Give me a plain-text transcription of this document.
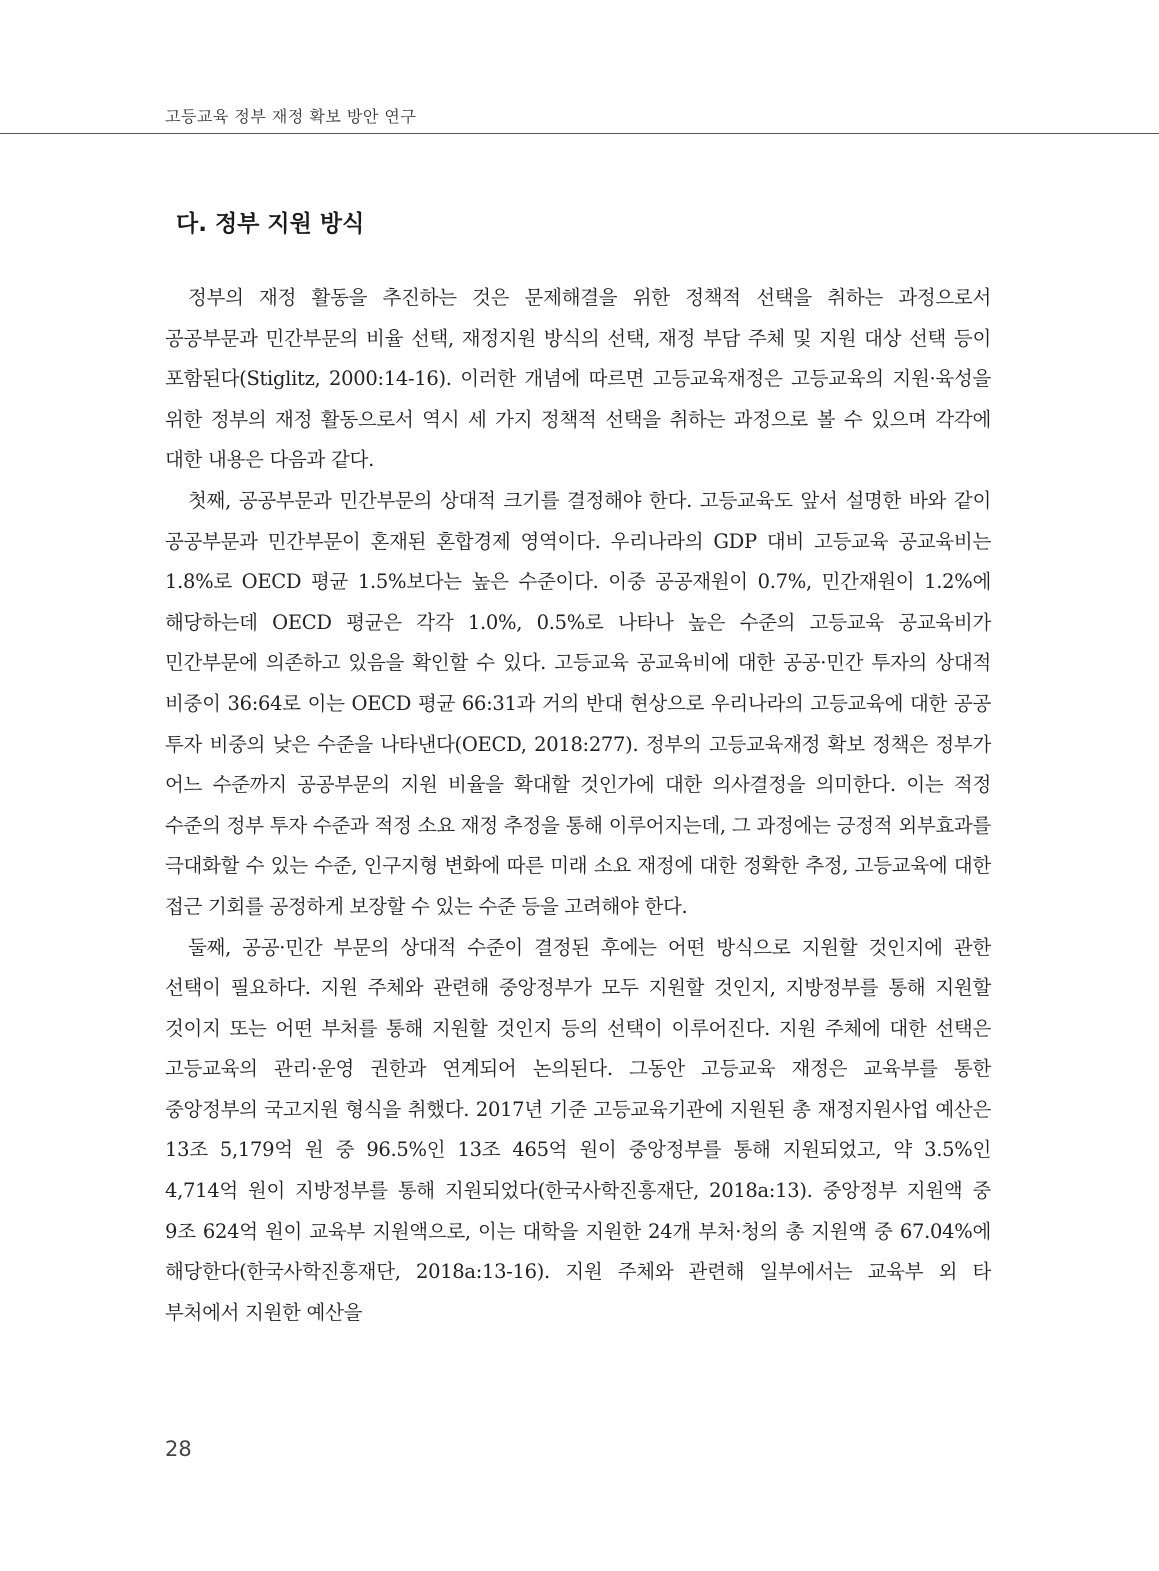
고등교육 정부 재정 확보 방안 연구
다. 정부 지원 방식

정부의 재정 활동을 추진하는 것은 문제해결을 위한 정책적 선택을 취하는 과정으로서 공공부문과 민간부문의 비율 선택, 재정지원 방식의 선택, 재정 부담 주체 및 지원 대상 선택 등이 포함된다(Stiglitz, 2000:14-16). 이러한 개념에 따르면 고등교육재정은 고등교육의 지원·육성을 위한 정부의 재정 활동으로서 역시 세 가지 정책적 선택을 취하는 과정으로 볼 수 있으며 각각에 대한 내용은 다음과 같다.

첫째, 공공부문과 민간부문의 상대적 크기를 결정해야 한다. 고등교육도 앞서 설명한 바와 같이 공공부문과 민간부문이 혼재된 혼합경제 영역이다. 우리나라의 GDP 대비 고등교육 공교육비는 1.8%로 OECD 평균 1.5%보다는 높은 수준이다. 이중 공공재원이 0.7%, 민간재원이 1.2%에 해당하는데 OECD 평균은 각각 1.0%, 0.5%로 나타나 높은 수준의 고등교육 공교육비가 민간부문에 의존하고 있음을 확인할 수 있다. 고등교육 공교육비에 대한 공공·민간 투자의 상대적 비중이 36:64로 이는 OECD 평균 66:31과 거의 반대 현상으로 우리나라의 고등교육에 대한 공공 투자 비중의 낮은 수준을 나타낸다(OECD, 2018:277). 정부의 고등교육재정 확보 정책은 정부가 어느 수준까지 공공부문의 지원 비율을 확대할 것인가에 대한 의사결정을 의미한다. 이는 적정 수준의 정부 투자 수준과 적정 소요 재정 추정을 통해 이루어지는데, 그 과정에는 긍정적 외부효과를 극대화할 수 있는 수준, 인구지형 변화에 따른 미래 소요 재정에 대한 정확한 추정, 고등교육에 대한 접근 기회를 공정하게 보장할 수 있는 수준 등을 고려해야 한다.

둘째, 공공·민간 부문의 상대적 수준이 결정된 후에는 어떤 방식으로 지원할 것인지에 관한 선택이 필요하다. 지원 주체와 관련해 중앙정부가 모두 지원할 것인지, 지방정부를 통해 지원할 것이지 또는 어떤 부처를 통해 지원할 것인지 등의 선택이 이루어진다. 지원 주체에 대한 선택은 고등교육의 관리·운영 권한과 연계되어 논의된다. 그동안 고등교육 재정은 교육부를 통한 중앙정부의 국고지원 형식을 취했다. 2017년 기준 고등교육기관에 지원된 총 재정지원사업 예산은 13조 5,179억 원 중 96.5%인 13조 465억 원이 중앙정부를 통해 지원되었고, 약 3.5%인 4,714억 원이 지방정부를 통해 지원되었다(한국사학진흥재단, 2018a:13). 중앙정부 지원액 중 9조 624억 원이 교육부 지원액으로, 이는 대학을 지원한 24개 부처·청의 총 지원액 중 67.04%에 해당한다(한국사학진흥재단, 2018a:13-16). 지원 주체와 관련해 일부에서는 교육부 외 타 부처에서 지원한 예산을

28
